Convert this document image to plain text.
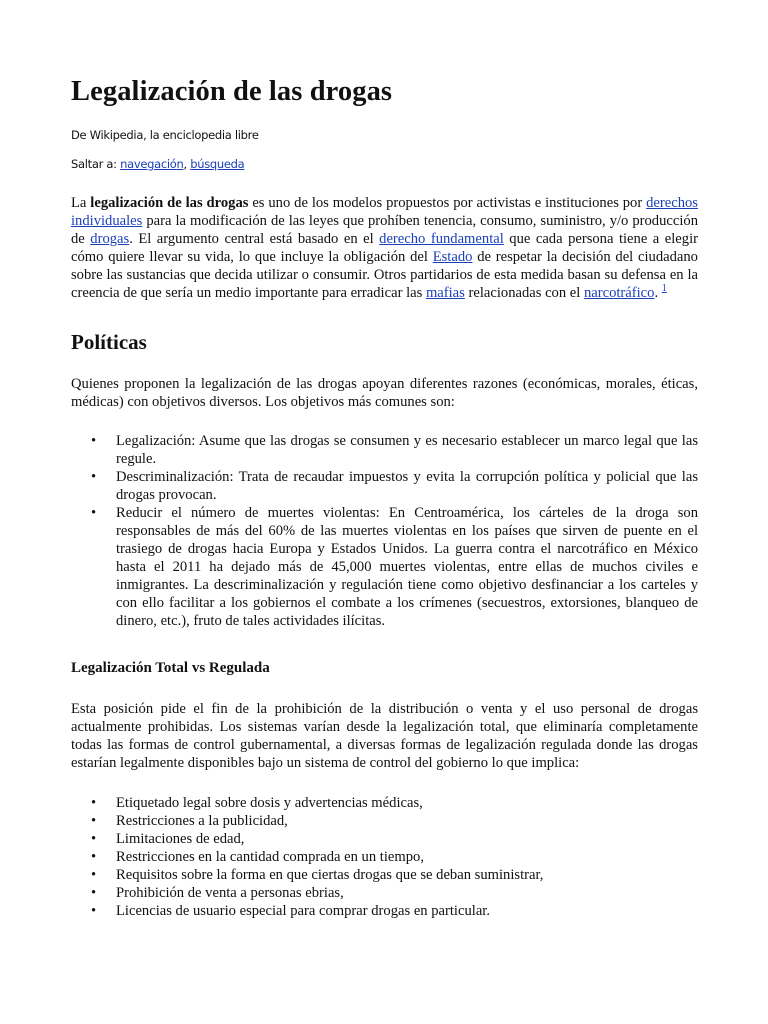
Legalización de las drogas
De Wikipedia, la enciclopedia libre
Saltar a: navegación, búsqueda

La legalización de las drogas es uno de los modelos propuestos por activistas e instituciones por derechos individuales para la modificación de las leyes que prohíben tenencia, consumo, suministro, y/o producción de drogas. El argumento central está basado en el derecho fundamental que cada persona tiene a elegir cómo quiere llevar su vida, lo que incluye la obligación del Estado de respetar la decisión del ciudadano sobre las sustancias que decida utilizar o consumir. Otros partidarios de esta medida basan su defensa en la creencia de que sería un medio importante para erradicar las mafias relacionadas con el narcotráfico. $^1$

Políticas

Quienes proponen la legalización de las drogas apoyan diferentes razones (económicas, morales, éticas, médicas) con objetivos diversos. Los objetivos más comunes son:

• Legalización: Asume que las drogas se consumen y es necesario establecer un marco legal que las regule.
• Descriminalización: Trata de recaudar impuestos y evita la corrupción política y policial que las drogas provocan.
• Reducir el número de muertes violentas: En Centroamérica, los cárteles de la droga son responsables de más del 60% de las muertes violentas en los países que sirven de puente en el trasiego de drogas hacia Europa y Estados Unidos. La guerra contra el narcotráfico en México hasta el 2011 ha dejado más de 45,000 muertes violentas, entre ellas de muchos civiles e inmigrantes. La descriminalización y regulación tiene como objetivo desfinanciar a los carteles y con ello facilitar a los gobiernos el combate a los crímenes (secuestros, extorsiones, blanqueo de dinero, etc.), fruto de tales actividades ilícitas.
Legalización Total vs Regulada

Esta posición pide el fin de la prohibición de la distribución o venta y el uso personal de drogas actualmente prohibidas. Los sistemas varían desde la legalización total, que eliminaría completamente todas las formas de control gubernamental, a diversas formas de legalización regulada donde las drogas estarían legalmente disponibles bajo un sistema de control del gobierno lo que implica:

• Etiquetado legal sobre dosis y advertencias médicas,
• Restricciones a la publicidad,
• Limitaciones de edad,
• Restricciones en la cantidad comprada en un tiempo,
• Requisitos sobre la forma en que ciertas drogas que se deban suministrar,
• Prohibición de venta a personas ebrias,
• Licencias de usuario especial para comprar drogas en particular.
